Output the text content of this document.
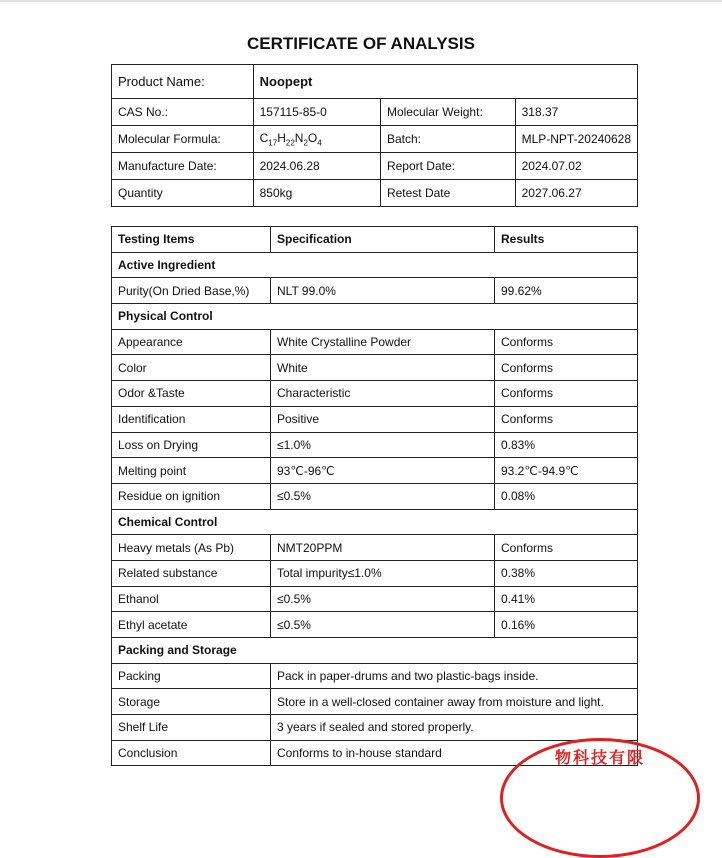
CERTIFICATE OF ANALYSIS
Product Name:	Noopept		
CAS No.:	157115-85-0	Molecular Weight:	318.37
Molecular Formula:	$C_{17}H_{22}N_2O_4$	Batch:	MLP-NPT-20240628
Manufacture Date:	2024.06.28	Report Date:	2024.07.02
Quantity	850kg	Retest Date	2027.06.27
Testing Items	Specification	Results
Active Ingredient		
Purity(On Dried Base,%)	NLT 99.0%	99.62%
Physical Control		
Appearance	White Crystalline Powder	Conforms
Color	White	Conforms
Odor &Taste	Characteristic	Conforms
Identification	Positive	Conforms
Loss on Drying	≤1.0%	0.83%
Melting point	93℃-96℃	93.2℃-94.9℃
Residue on ignition	≤0.5%	0.08%
Chemical Control		
Heavy metals (As Pb)	NMT20PPM	Conforms
Related substance	Total impurity≤1.0%	0.38%
Ethanol	≤0.5%	0.41%
Ethyl acetate	≤0.5%	0.16%
Packing and Storage		
Packing	Pack in paper-drums and two plastic-bags inside.	
Storage	Store in a well-closed container away from moisture and light.	
Shelf Life	3 years if sealed and stored properly.	
Conclusion	Conforms to in-house standard		物科技有限
